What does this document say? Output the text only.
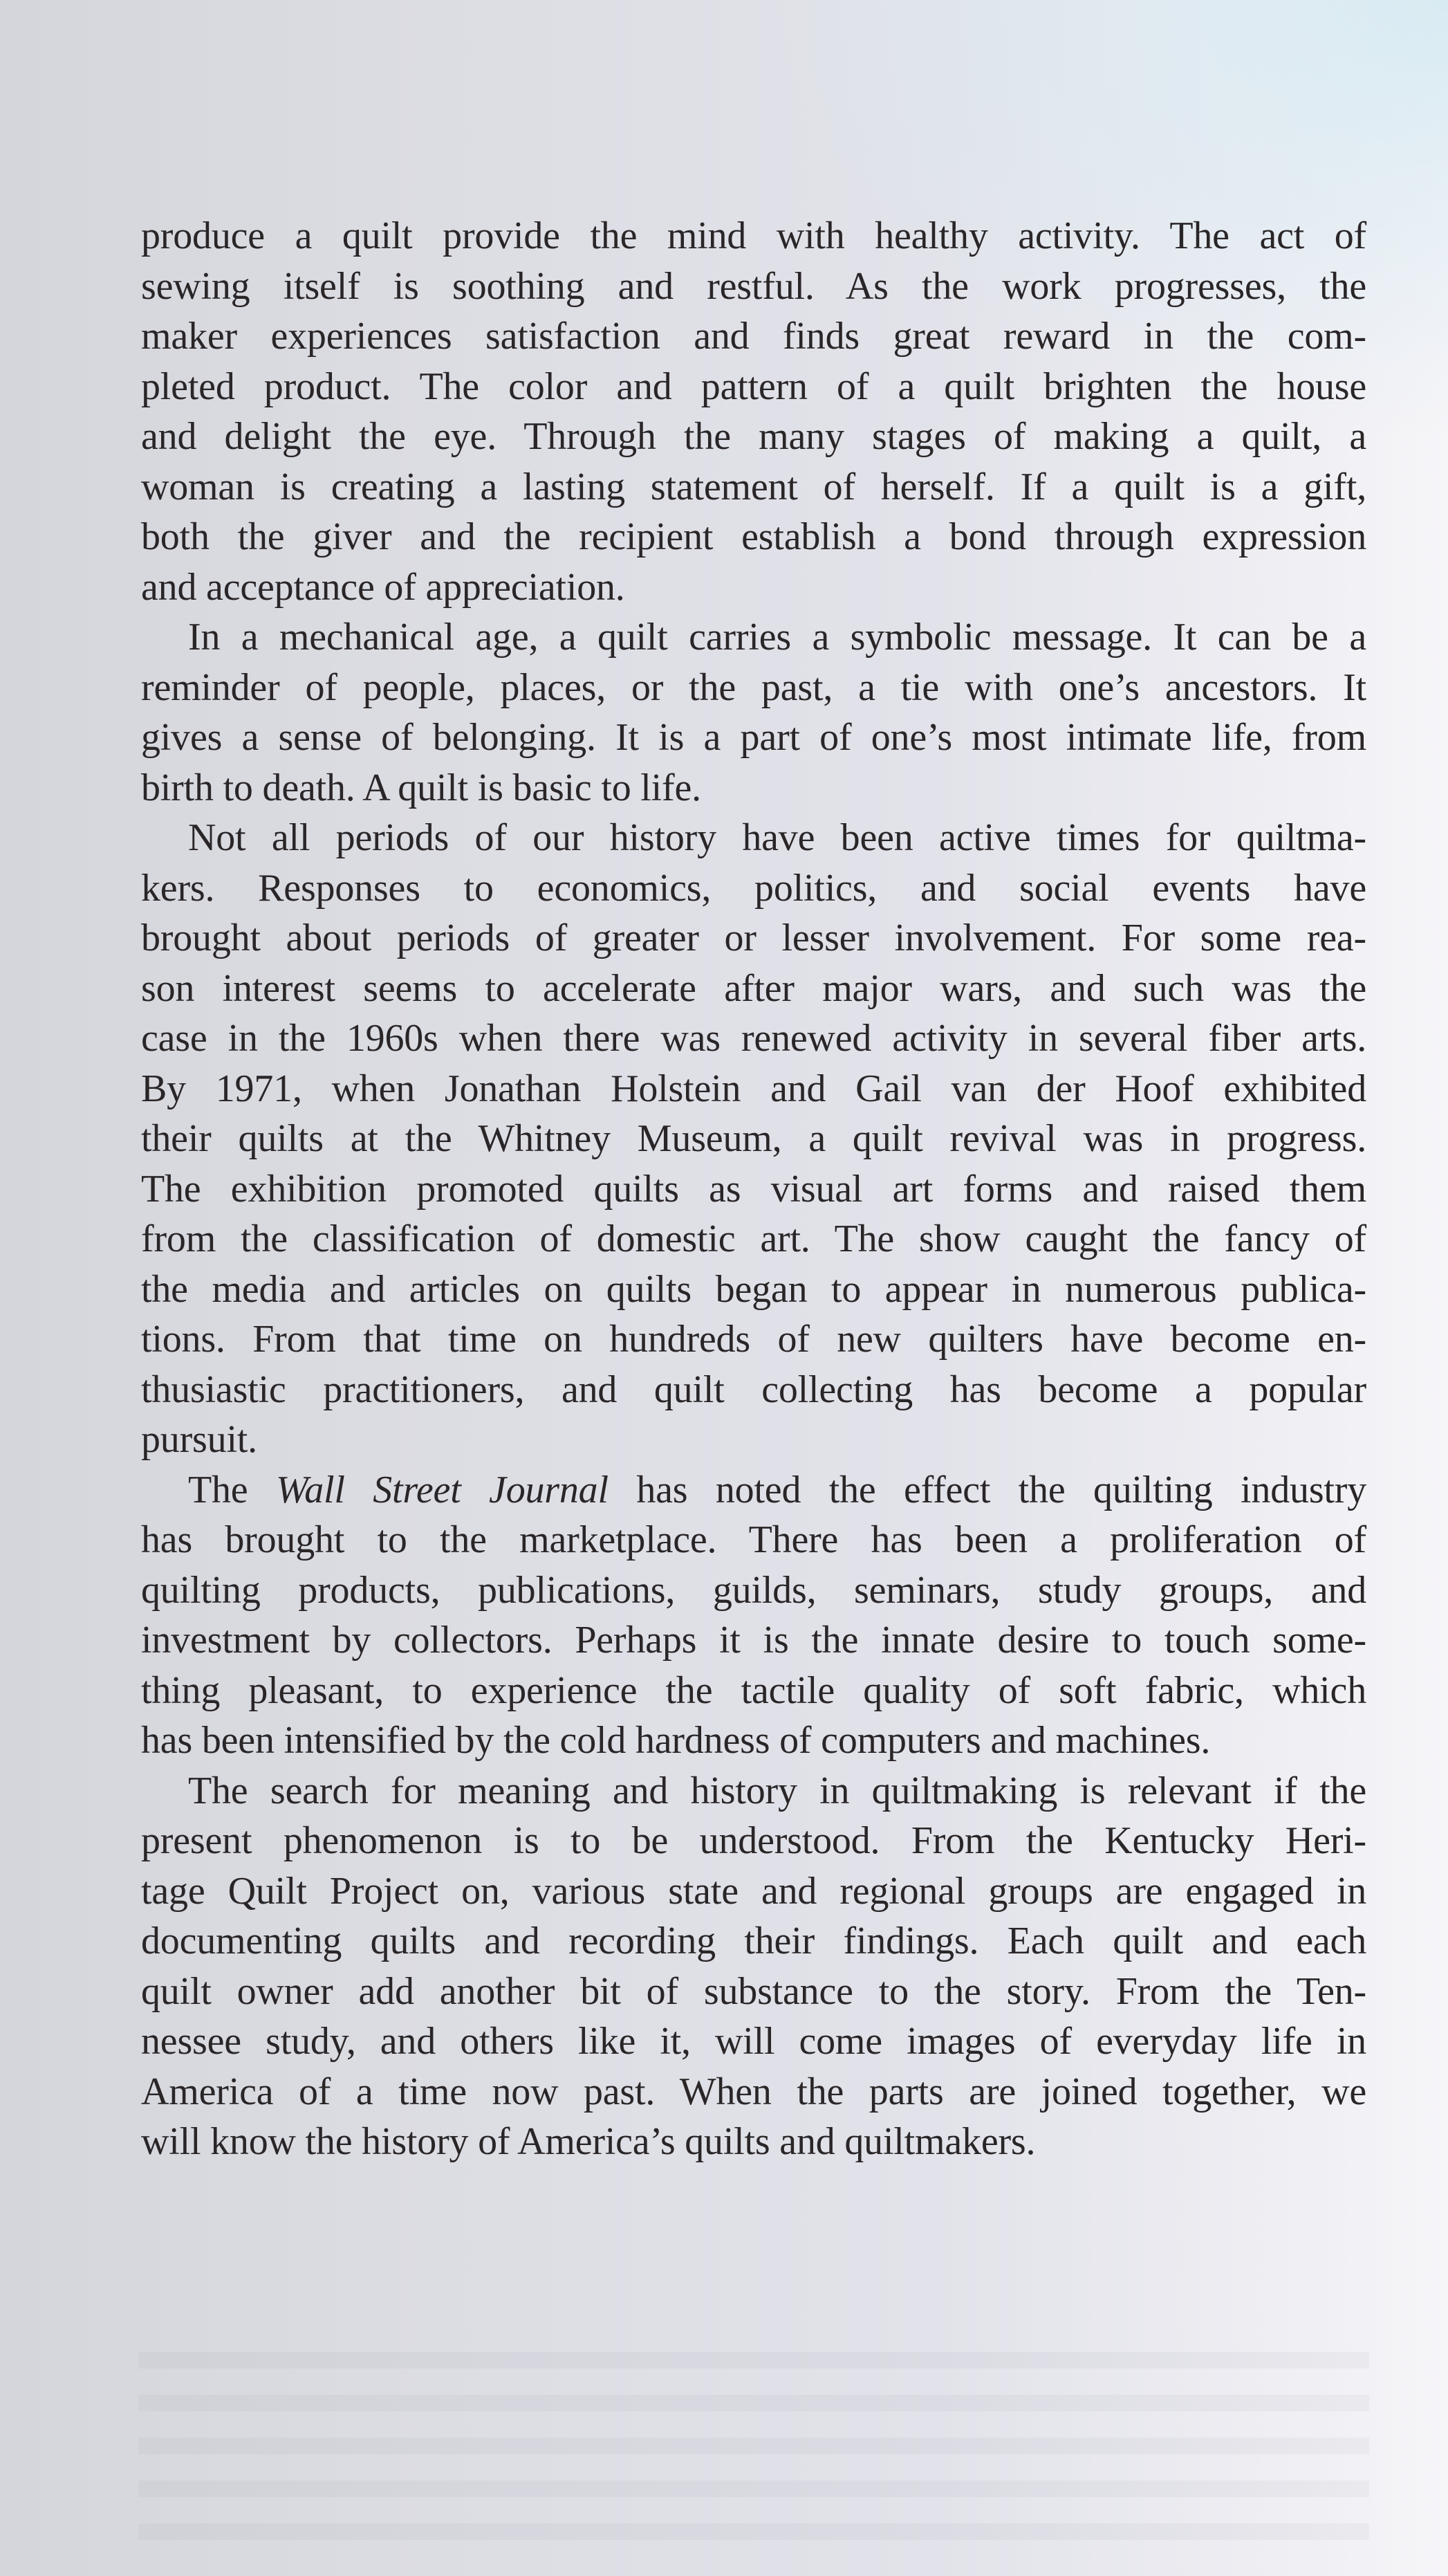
produce a quilt provide the mind with healthy activity. The act of
sewing itself is soothing and restful. As the work progresses, the
maker experiences satisfaction and finds great reward in the com-
pleted product. The color and pattern of a quilt brighten the house
and delight the eye. Through the many stages of making a quilt, a
woman is creating a lasting statement of herself. If a quilt is a gift,
both the giver and the recipient establish a bond through expression
and acceptance of appreciation.
In a mechanical age, a quilt carries a symbolic message. It can be a
reminder of people, places, or the past, a tie with one’s ancestors. It
gives a sense of belonging. It is a part of one’s most intimate life, from
birth to death. A quilt is basic to life.
Not all periods of our history have been active times for quiltma-
kers. Responses to economics, politics, and social events have
brought about periods of greater or lesser involvement. For some rea-
son interest seems to accelerate after major wars, and such was the
case in the 1960s when there was renewed activity in several fiber arts.
By 1971, when Jonathan Holstein and Gail van der Hoof exhibited
their quilts at the Whitney Museum, a quilt revival was in progress.
The exhibition promoted quilts as visual art forms and raised them
from the classification of domestic art. The show caught the fancy of
the media and articles on quilts began to appear in numerous publica-
tions. From that time on hundreds of new quilters have become en-
thusiastic practitioners, and quilt collecting has become a popular
pursuit.
The Wall Street Journal has noted the effect the quilting industry
has brought to the marketplace. There has been a proliferation of
quilting products, publications, guilds, seminars, study groups, and
investment by collectors. Perhaps it is the innate desire to touch some-
thing pleasant, to experience the tactile quality of soft fabric, which
has been intensified by the cold hardness of computers and machines.
The search for meaning and history in quiltmaking is relevant if the
present phenomenon is to be understood. From the Kentucky Heri-
tage Quilt Project on, various state and regional groups are engaged in
documenting quilts and recording their findings. Each quilt and each
quilt owner add another bit of substance to the story. From the Ten-
nessee study, and others like it, will come images of everyday life in
America of a time now past. When the parts are joined together, we
will know the history of America’s quilts and quiltmakers.
